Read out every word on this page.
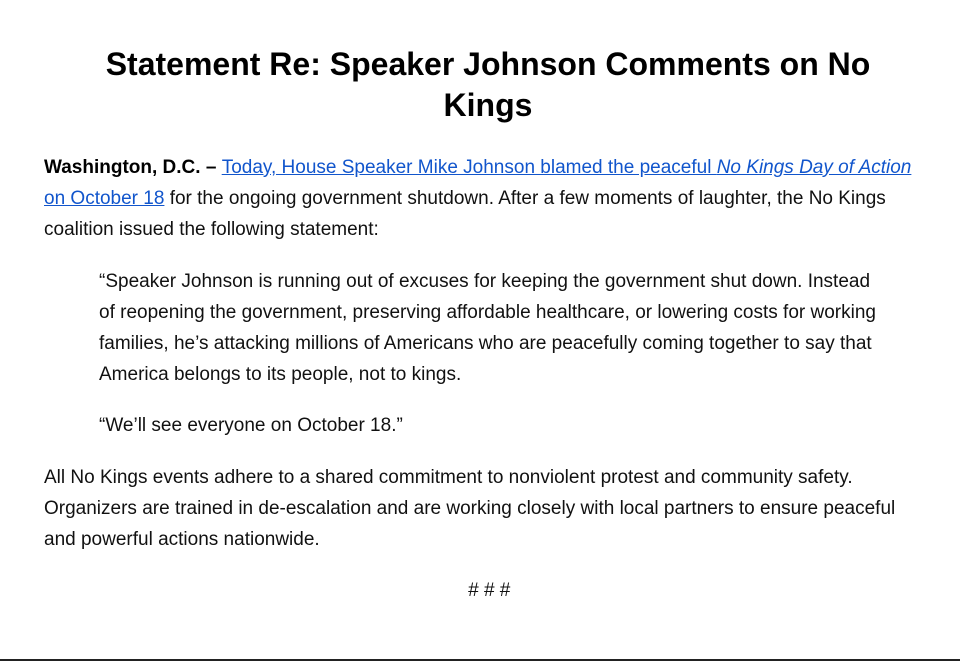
Statement Re: Speaker Johnson Comments on No Kings

Washington, D.C. – Today, House Speaker Mike Johnson blamed the peaceful No Kings Day of Action on October 18 for the ongoing government shutdown. After a few moments of laughter, the No Kings coalition issued the following statement:

“Speaker Johnson is running out of excuses for keeping the government shut down. Instead of reopening the government, preserving affordable healthcare, or lowering costs for working families, he’s attacking millions of Americans who are peacefully coming together to say that America belongs to its people, not to kings.

“We’ll see everyone on October 18.”

All No Kings events adhere to a shared commitment to nonviolent protest and community safety. Organizers are trained in de-escalation and are working closely with local partners to ensure peaceful and powerful actions nationwide.

# # #
